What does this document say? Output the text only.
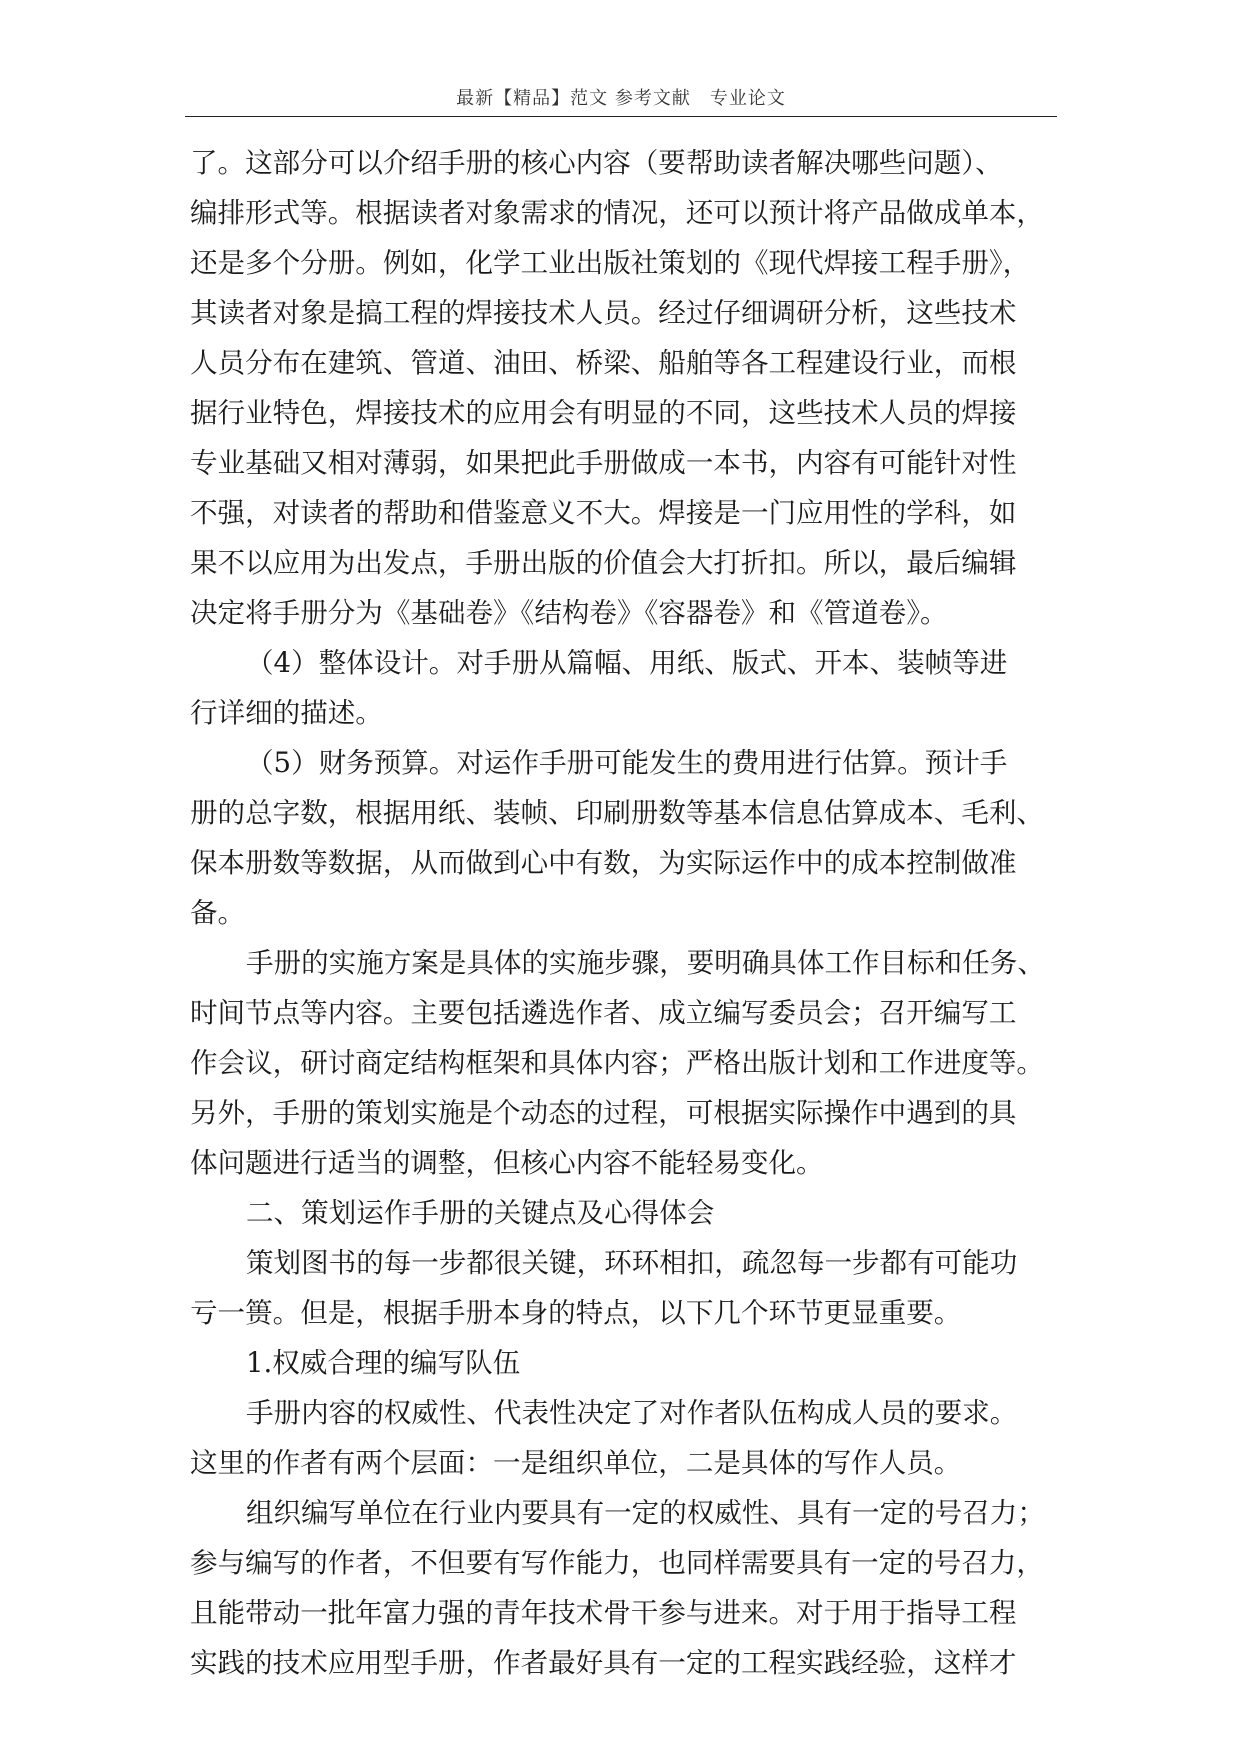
最新【精品】范文 参考文献　专业论文
了。这部分可以介绍手册的核心内容（要帮助读者解决哪些问题）、
编排形式等。根据读者对象需求的情况，还可以预计将产品做成单本，
还是多个分册。例如，化学工业出版社策划的《现代焊接工程手册》，
其读者对象是搞工程的焊接技术人员。经过仔细调研分析，这些技术
人员分布在建筑、管道、油田、桥梁、船舶等各工程建设行业，而根
据行业特色，焊接技术的应用会有明显的不同，这些技术人员的焊接
专业基础又相对薄弱，如果把此手册做成一本书，内容有可能针对性
不强，对读者的帮助和借鉴意义不大。焊接是一门应用性的学科，如
果不以应用为出发点，手册出版的价值会大打折扣。所以，最后编辑
决定将手册分为《基础卷》《结构卷》《容器卷》和《管道卷》。
（4）整体设计。对手册从篇幅、用纸、版式、开本、装帧等进
行详细的描述。
（5）财务预算。对运作手册可能发生的费用进行估算。预计手
册的总字数，根据用纸、装帧、印刷册数等基本信息估算成本、毛利、
保本册数等数据，从而做到心中有数，为实际运作中的成本控制做准
备。
手册的实施方案是具体的实施步骤，要明确具体工作目标和任务、
时间节点等内容。主要包括遴选作者、成立编写委员会；召开编写工
作会议，研讨商定结构框架和具体内容；严格出版计划和工作进度等。
另外，手册的策划实施是个动态的过程，可根据实际操作中遇到的具
体问题进行适当的调整，但核心内容不能轻易变化。
二、策划运作手册的关键点及心得体会
策划图书的每一步都很关键，环环相扣，疏忽每一步都有可能功
亏一篑。但是，根据手册本身的特点，以下几个环节更显重要。
1.权威合理的编写队伍
手册内容的权威性、代表性决定了对作者队伍构成人员的要求。
这里的作者有两个层面：一是组织单位，二是具体的写作人员。
组织编写单位在行业内要具有一定的权威性、具有一定的号召力；
参与编写的作者，不但要有写作能力，也同样需要具有一定的号召力，
且能带动一批年富力强的青年技术骨干参与进来。对于用于指导工程
实践的技术应用型手册，作者最好具有一定的工程实践经验，这样才
